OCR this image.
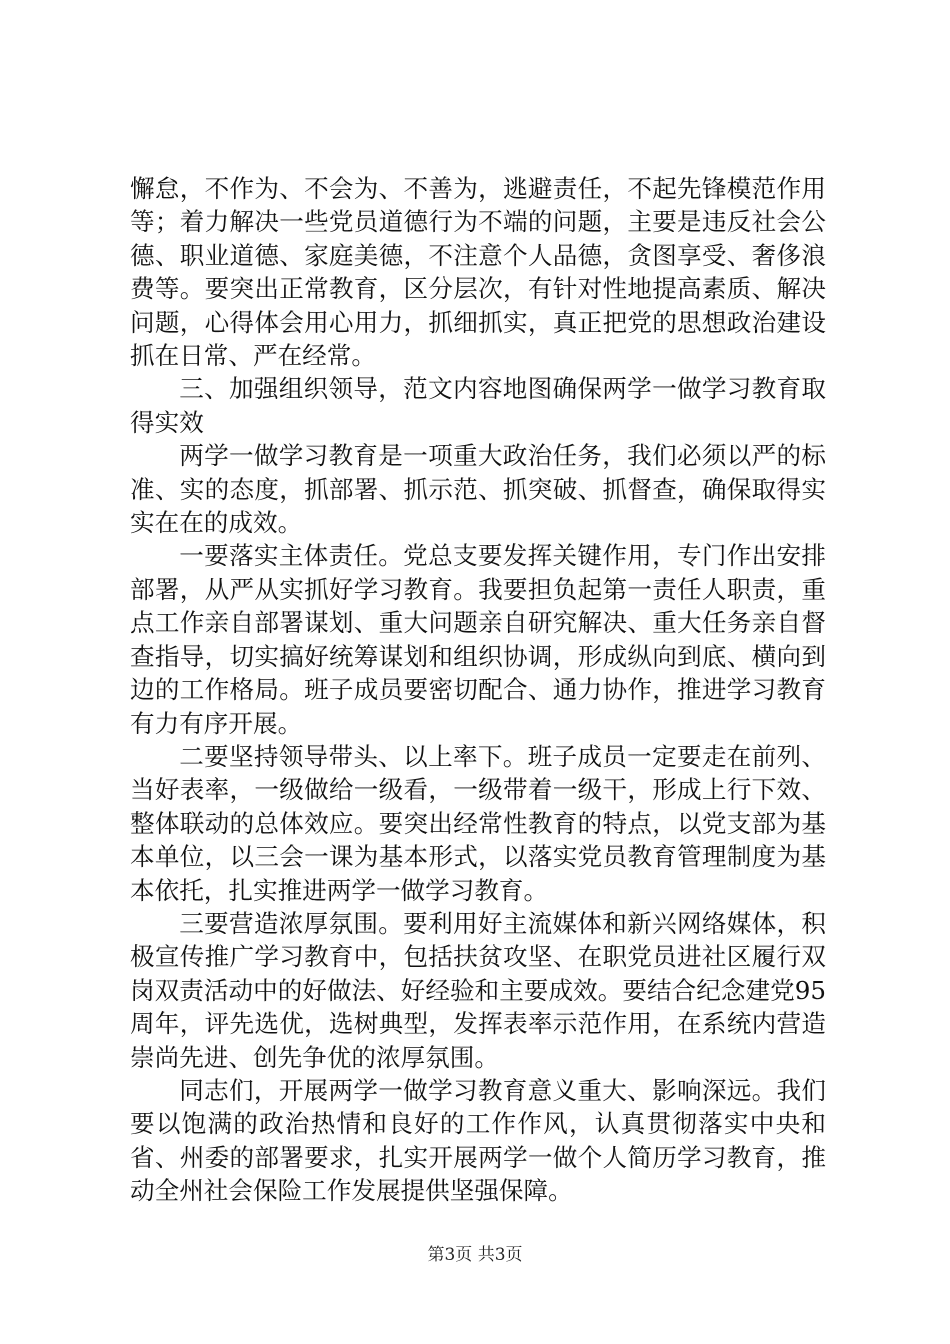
懈怠，不作为、不会为、不善为，逃避责任，不起先锋模范作用等；着力解决一些党员道德行为不端的问题，主要是违反社会公德、职业道德、家庭美德，不注意个人品德，贪图享受、奢侈浪费等。要突出正常教育，区分层次，有针对性地提高素质、解决问题，心得体会用心用力，抓细抓实，真正把党的思想政治建设抓在日常、严在经常。

三、加强组织领导，范文内容地图确保两学一做学习教育取得实效

两学一做学习教育是一项重大政治任务，我们必须以严的标准、实的态度，抓部署、抓示范、抓突破、抓督查，确保取得实实在在的成效。

一要落实主体责任。党总支要发挥关键作用，专门作出安排部署，从严从实抓好学习教育。我要担负起第一责任人职责，重点工作亲自部署谋划、重大问题亲自研究解决、重大任务亲自督查指导，切实搞好统筹谋划和组织协调，形成纵向到底、横向到边的工作格局。班子成员要密切配合、通力协作，推进学习教育有力有序开展。

二要坚持领导带头、以上率下。班子成员一定要走在前列、当好表率，一级做给一级看，一级带着一级干，形成上行下效、整体联动的总体效应。要突出经常性教育的特点，以党支部为基本单位，以三会一课为基本形式，以落实党员教育管理制度为基本依托，扎实推进两学一做学习教育。

三要营造浓厚氛围。要利用好主流媒体和新兴网络媒体，积极宣传推广学习教育中，包括扶贫攻坚、在职党员进社区履行双岗双责活动中的好做法、好经验和主要成效。要结合纪念建党95周年，评先选优，选树典型，发挥表率示范作用，在系统内营造崇尚先进、创先争优的浓厚氛围。

同志们，开展两学一做学习教育意义重大、影响深远。我们要以饱满的政治热情和良好的工作作风，认真贯彻落实中央和省、州委的部署要求，扎实开展两学一做个人简历学习教育，推动全州社会保险工作发展提供坚强保障。

第3页 共3页
